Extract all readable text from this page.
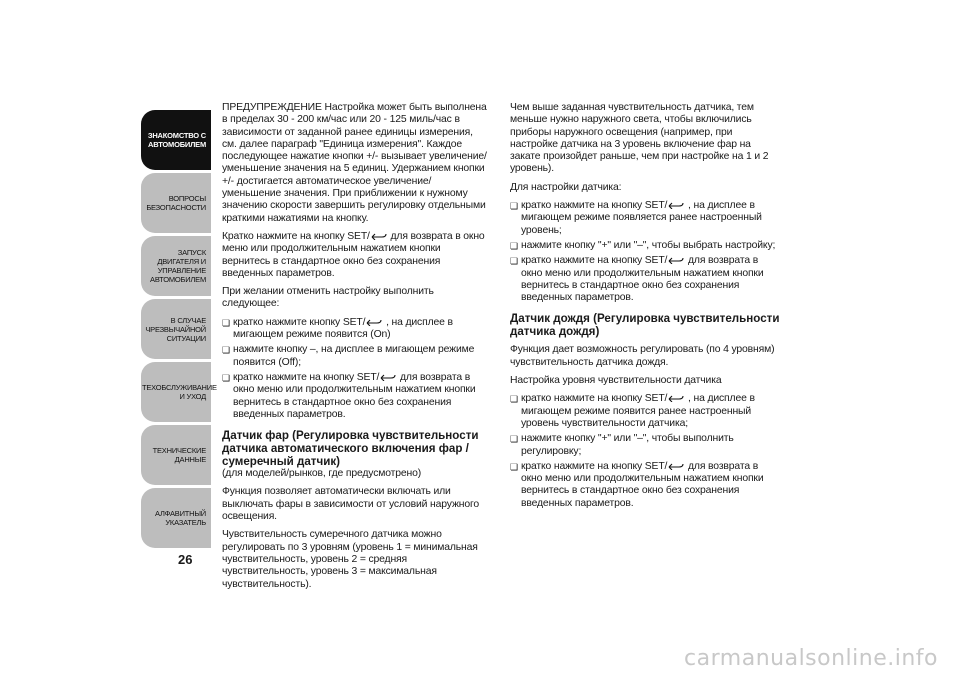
ЗНАКОМСТВО С АВТОМОБИЛЕМ
ВОПРОСЫ БЕЗОПАСНОСТИ
ЗАПУСК ДВИГАТЕЛЯ И УПРАВЛЕНИЕ АВТОМОБИЛЕМ
В СЛУЧАЕ ЧРЕЗВЫЧАЙНОЙ СИТУАЦИИ
ТЕХОБСЛУЖИВАНИЕ И УХОД
ТЕХНИЧЕСКИЕ ДАННЫЕ
АЛФАВИТНЫЙ УКАЗАТЕЛЬ
26

ПРЕДУПРЕЖДЕНИЕ Настройка может быть выполнена в пределах 30 - 200 км/час или 20 - 125 миль/час в зависимости от заданной ранее единицы измерения, см. далее параграф "Единица измерения". Каждое последующее нажатие кнопки +/- вызывает увеличение/уменьшение значения на 5 единиц. Удержанием кнопки +/- достигается автоматическое увеличение/уменьшение значения. При приближении к нужному значению скорости завершить регулировку отдельными краткими нажатиями на кнопку.

Кратко нажмите на кнопку SET/ для возврата в окно меню или продолжительным нажатием кнопки вернитесь в стандартное окно без сохранения введенных параметров.

При желании отменить настройку выполнить следующее:

❏ кратко нажмите кнопку SET/ , на дисплее в мигающем режиме появится (On)
❏ нажмите кнопку –, на дисплее в мигающем режиме появится (Off);
❏ кратко нажмите на кнопку SET/ для возврата в окно меню или продолжительным нажатием кнопки вернитесь в стандартное окно без сохранения введенных параметров.
Датчик фар (Регулировка чувствительности датчика автоматического включения фар / сумеречный датчик)

(для моделей/рынков, где предусмотрено)

Функция позволяет автоматически включать или выключать фары в зависимости от условий наружного освещения.

Чувствительность сумеречного датчика можно регулировать по 3 уровням (уровень 1 = минимальная чувствительность, уровень 2 = средняя чувствительность, уровень 3 = максимальная чувствительность).

Чем выше заданная чувствительность датчика, тем меньше нужно наружного света, чтобы включились приборы наружного освещения (например, при настройке датчика на 3 уровень включение фар на закате произойдет раньше, чем при настройке на 1 и 2 уровень).

Для настройки датчика:

❏ кратко нажмите на кнопку SET/ , на дисплее в мигающем режиме появляется ранее настроенный уровень;
❏ нажмите кнопку "+" или "–", чтобы выбрать настройку;
❏ кратко нажмите на кнопку SET/ для возврата в окно меню или продолжительным нажатием кнопки вернитесь в стандартное окно без сохранения введенных параметров.
Датчик дождя (Регулировка чувствительности датчика дождя)

Функция дает возможность регулировать (по 4 уровням) чувствительность датчика дождя.

Настройка уровня чувствительности датчика

❏ кратко нажмите на кнопку SET/ , на дисплее в мигающем режиме появится ранее настроенный уровень чувствительности датчика;
❏ нажмите кнопку "+" или "–", чтобы выполнить регулировку;
❏ кратко нажмите на кнопку SET/ для возврата в окно меню или продолжительным нажатием кнопки вернитесь в стандартное окно без сохранения введенных параметров.
carmanualsonline.info
